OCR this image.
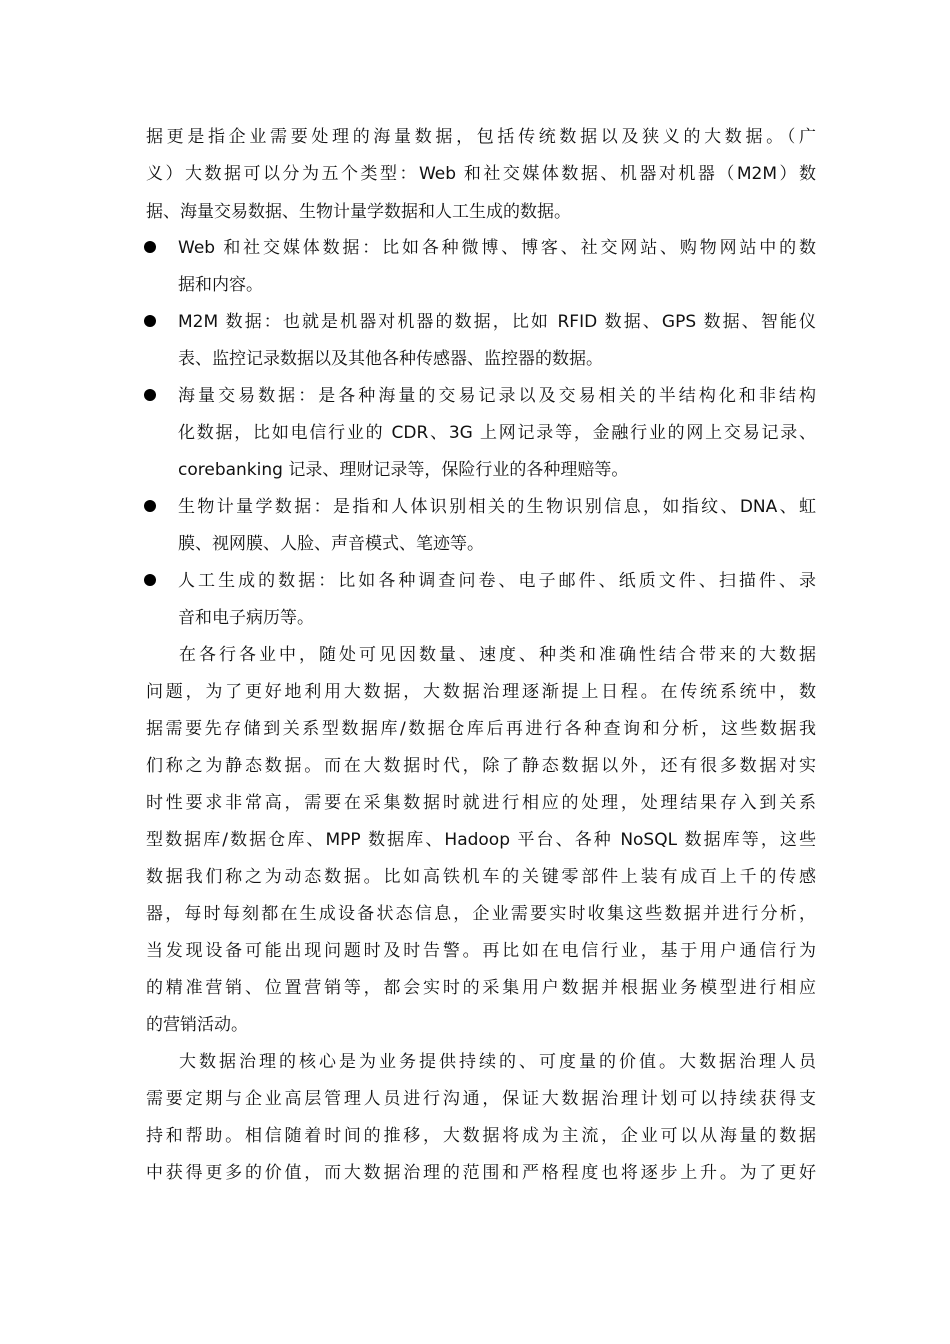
据更是指企业需要处理的海量数据，包括传统数据以及狭义的大数据。（广
义）大数据可以分为五个类型：Web 和社交媒体数据、机器对机器（M2M）数
据、海量交易数据、生物计量学数据和人工生成的数据。
Web 和社交媒体数据：比如各种微博、博客、社交网站、购物网站中的数
据和内容。
M2M 数据：也就是机器对机器的数据，比如 RFID 数据、GPS 数据、智能仪
表、监控记录数据以及其他各种传感器、监控器的数据。
海量交易数据：是各种海量的交易记录以及交易相关的半结构化和非结构
化数据，比如电信行业的 CDR、3G 上网记录等，金融行业的网上交易记录、
corebanking 记录、理财记录等，保险行业的各种理赔等。
生物计量学数据：是指和人体识别相关的生物识别信息，如指纹、DNA、虹
膜、视网膜、人脸、声音模式、笔迹等。
人工生成的数据：比如各种调查问卷、电子邮件、纸质文件、扫描件、录
音和电子病历等。
在各行各业中，随处可见因数量、速度、种类和准确性结合带来的大数据
问题，为了更好地利用大数据，大数据治理逐渐提上日程。在传统系统中，数
据需要先存储到关系型数据库/数据仓库后再进行各种查询和分析，这些数据我
们称之为静态数据。而在大数据时代，除了静态数据以外，还有很多数据对实
时性要求非常高，需要在采集数据时就进行相应的处理，处理结果存入到关系
型数据库/数据仓库、MPP 数据库、Hadoop 平台、各种 NoSQL 数据库等，这些
数据我们称之为动态数据。比如高铁机车的关键零部件上装有成百上千的传感
器，每时每刻都在生成设备状态信息，企业需要实时收集这些数据并进行分析，
当发现设备可能出现问题时及时告警。再比如在电信行业，基于用户通信行为
的精准营销、位置营销等，都会实时的采集用户数据并根据业务模型进行相应
的营销活动。
大数据治理的核心是为业务提供持续的、可度量的价值。大数据治理人员
需要定期与企业高层管理人员进行沟通，保证大数据治理计划可以持续获得支
持和帮助。相信随着时间的推移，大数据将成为主流，企业可以从海量的数据
中获得更多的价值，而大数据治理的范围和严格程度也将逐步上升。为了更好
